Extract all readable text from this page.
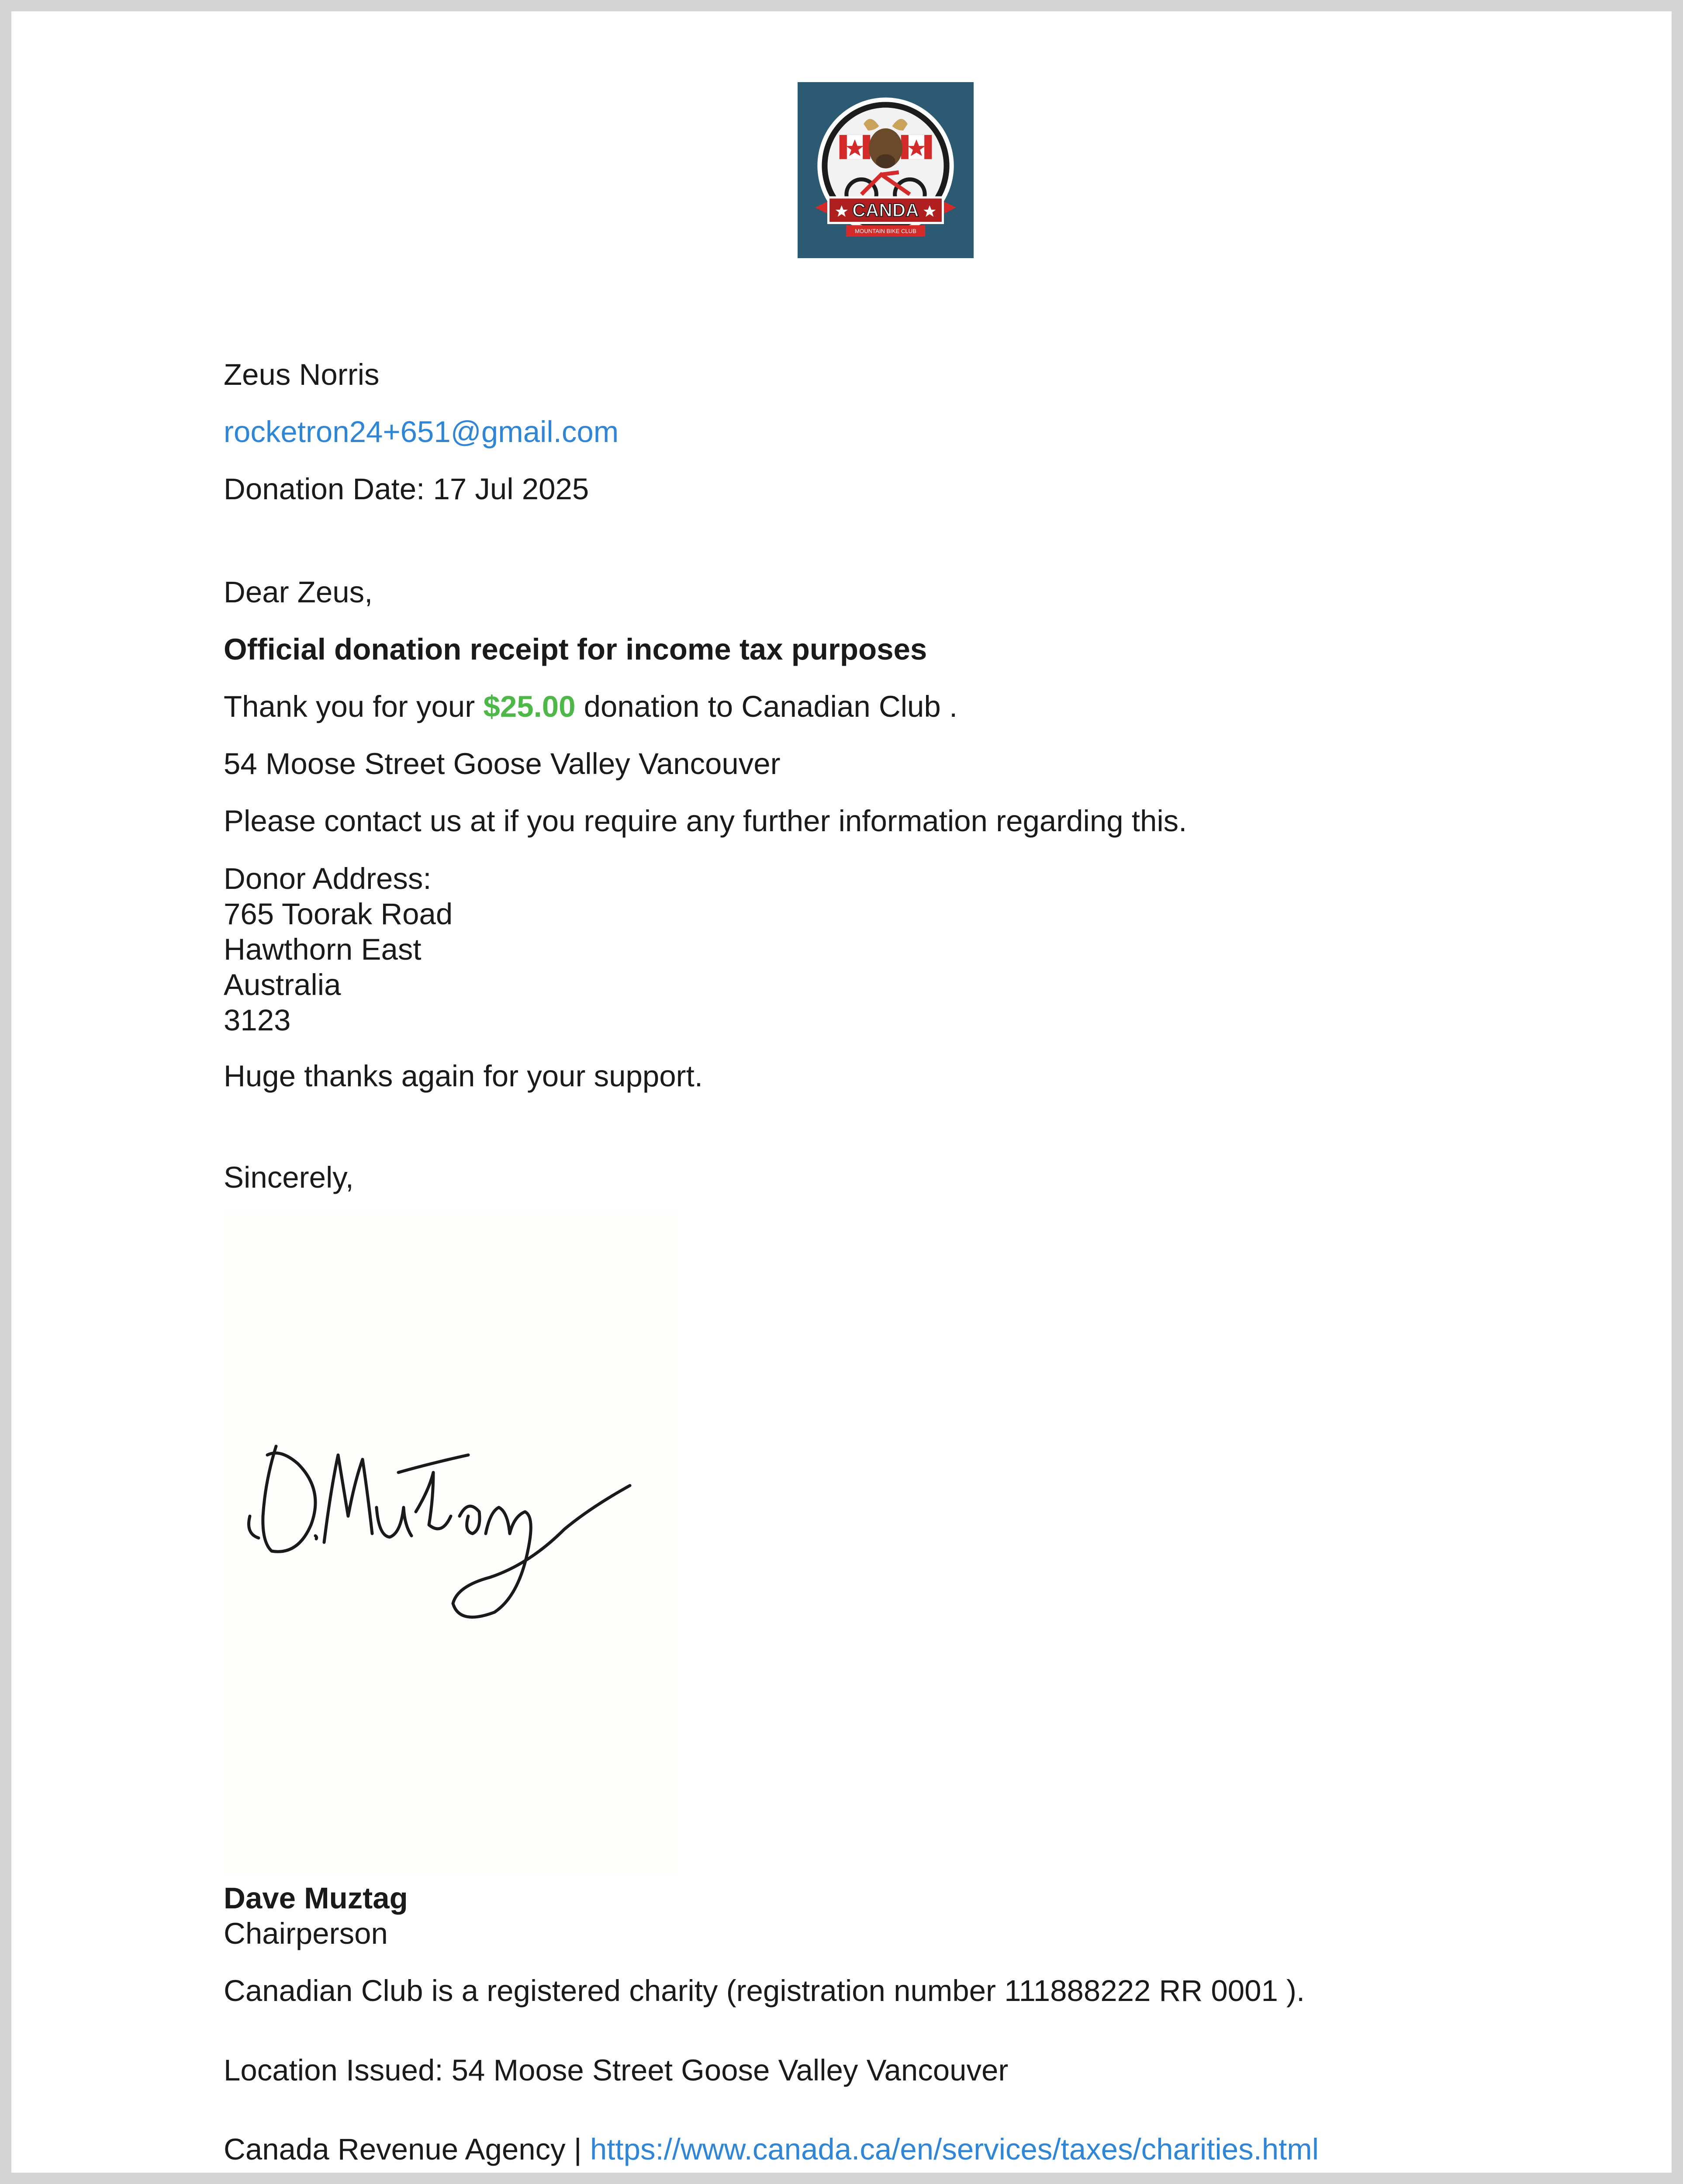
CANDA
MOUNTAIN BIKE CLUB

Zeus Norris

rocketron24+651@gmail.com

Donation Date: 17 Jul 2025

Dear Zeus,

Official donation receipt for income tax purposes

Thank you for your $25.00 donation to Canadian Club .

54 Moose Street Goose Valley Vancouver

Please contact us at if you require any further information regarding this.

Donor Address:
765 Toorak Road
Hawthorn East
Australia
3123

Huge thanks again for your support.

Sincerely,

Dave Muztag

Chairperson

Canadian Club is a registered charity (registration number 111888222 RR 0001 ).

Location Issued: 54 Moose Street Goose Valley Vancouver

Canada Revenue Agency | https://www.canada.ca/en/services/taxes/charities.html
